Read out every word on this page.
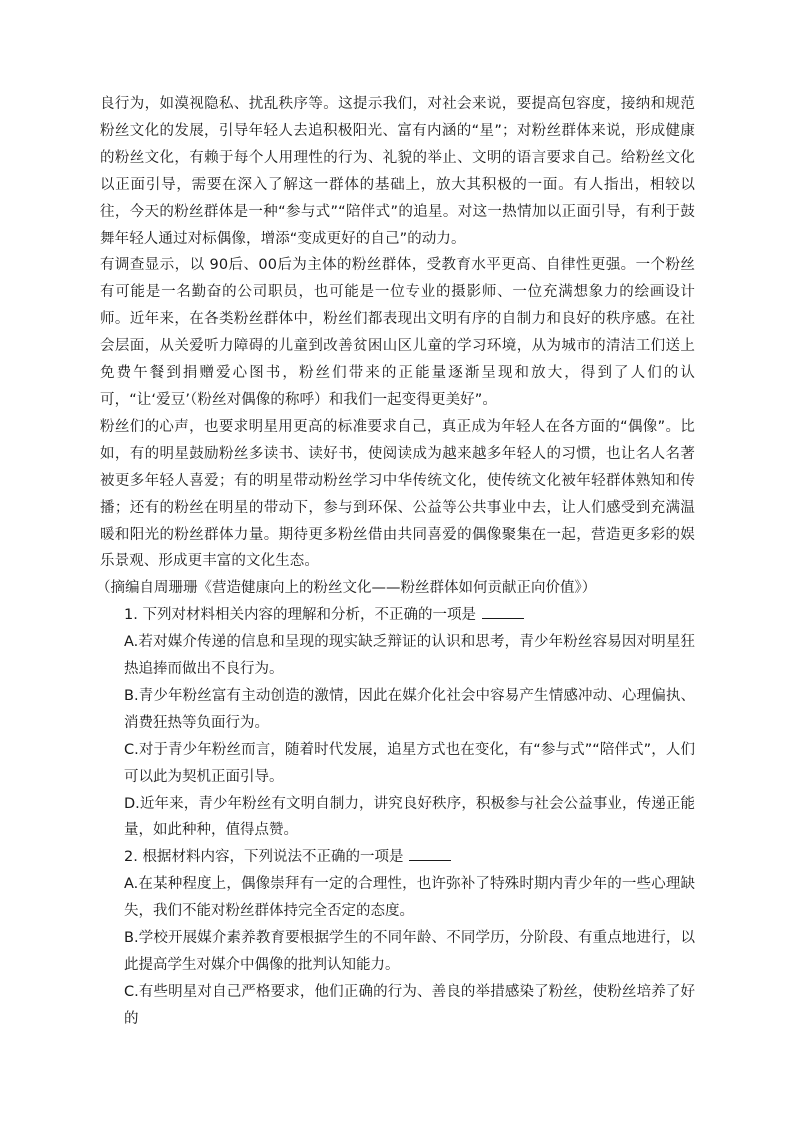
良行为，如漠视隐私、扰乱秩序等。这提示我们，对社会来说，要提高包容度，接纳和规范粉丝文化的发展，引导年轻人去追积极阳光、富有内涵的“星”；对粉丝群体来说，形成健康的粉丝文化，有赖于每个人用理性的行为、礼貌的举止、文明的语言要求自己。给粉丝文化以正面引导，需要在深入了解这一群体的基础上，放大其积极的一面。有人指出，相较以往，今天的粉丝群体是一种“参与式”“陪伴式”的追星。对这一热情加以正面引导，有利于鼓舞年轻人通过对标偶像，增添“变成更好的自己”的动力。

有调查显示，以 90后、00后为主体的粉丝群体，受教育水平更高、自律性更强。一个粉丝有可能是一名勤奋的公司职员，也可能是一位专业的摄影师、一位充满想象力的绘画设计师。近年来，在各类粉丝群体中，粉丝们都表现出文明有序的自制力和良好的秩序感。在社会层面，从关爱听力障碍的儿童到改善贫困山区儿童的学习环境，从为城市的清洁工们送上免费午餐到捐赠爱心图书，粉丝们带来的正能量逐渐呈现和放大，得到了人们的认可，“让‘爱豆’（粉丝对偶像的称呼）和我们一起变得更美好”。

粉丝们的心声，也要求明星用更高的标准要求自己，真正成为年轻人在各方面的“偶像”。比如，有的明星鼓励粉丝多读书、读好书，使阅读成为越来越多年轻人的习惯，也让名人名著被更多年轻人喜爱；有的明星带动粉丝学习中华传统文化，使传统文化被年轻群体熟知和传播；还有的粉丝在明星的带动下，参与到环保、公益等公共事业中去，让人们感受到充满温暖和阳光的粉丝群体力量。期待更多粉丝借由共同喜爱的偶像聚集在一起，营造更多彩的娱乐景观、形成更丰富的文化生态。

（摘编自周珊珊《营造健康向上的粉丝文化——粉丝群体如何贡献正向价值》）

1. 下列对材料相关内容的理解和分析，不正确的一项是

A.若对媒介传递的信息和呈现的现实缺乏辩证的认识和思考，青少年粉丝容易因对明星狂热追捧而做出不良行为。

B.青少年粉丝富有主动创造的激情，因此在媒介化社会中容易产生情感冲动、心理偏执、消费狂热等负面行为。

C.对于青少年粉丝而言，随着时代发展，追星方式也在变化，有“参与式”“陪伴式”，人们可以此为契机正面引导。

D.近年来，青少年粉丝有文明自制力，讲究良好秩序，积极参与社会公益事业，传递正能量，如此种种，值得点赞。

2. 根据材料内容，下列说法不正确的一项是

A.在某种程度上，偶像崇拜有一定的合理性，也许弥补了特殊时期内青少年的一些心理缺失，我们不能对粉丝群体持完全否定的态度。

B.学校开展媒介素养教育要根据学生的不同年龄、不同学历，分阶段、有重点地进行，以此提高学生对媒介中偶像的批判认知能力。

C.有些明星对自己严格要求，他们正确的行为、善良的举措感染了粉丝，使粉丝培养了好的
